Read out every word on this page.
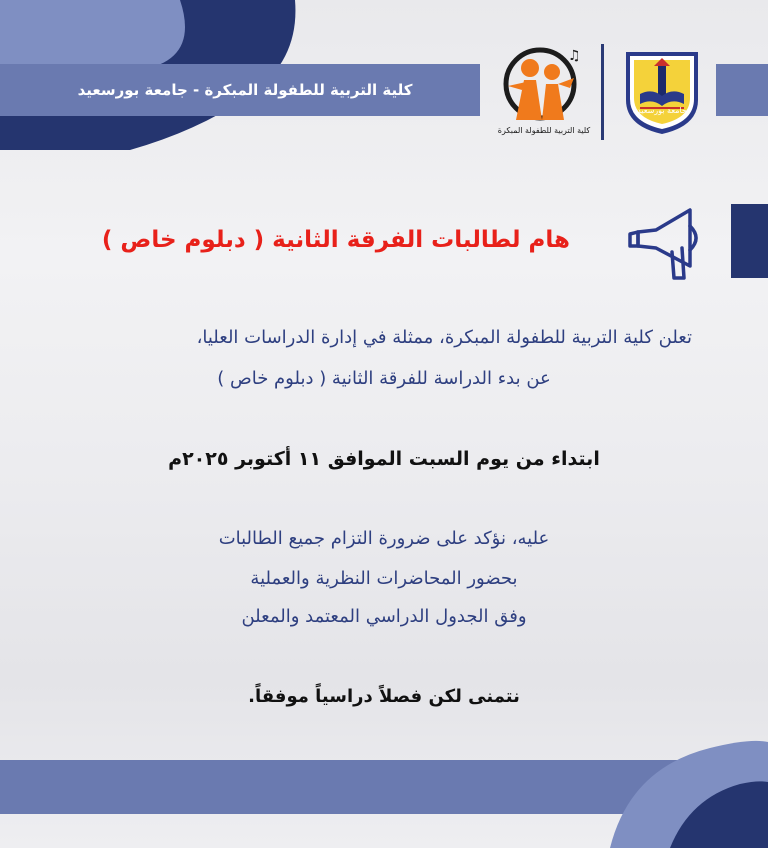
كلية التربية للطفولة المبكرة - جامعة بورسعيد
♫
كلية التربية للطفولة المبكرة
جامعة بورسعيد
هام لطالبات الفرقة الثانية ( دبلوم خاص )
تعلن كلية التربية للطفولة المبكرة، ممثلة في إدارة الدراسات العليا،
عن بدء الدراسة للفرقة الثانية ( دبلوم خاص )
ابتداء من يوم السبت الموافق ١١ أكتوبر ٢٠٢٥م
عليه، نؤكد على ضرورة التزام جميع الطالبات
بحضور المحاضرات النظرية والعملية
وفق الجدول الدراسي المعتمد والمعلن
نتمنى لكن فصلاً دراسياً موفقاً.
